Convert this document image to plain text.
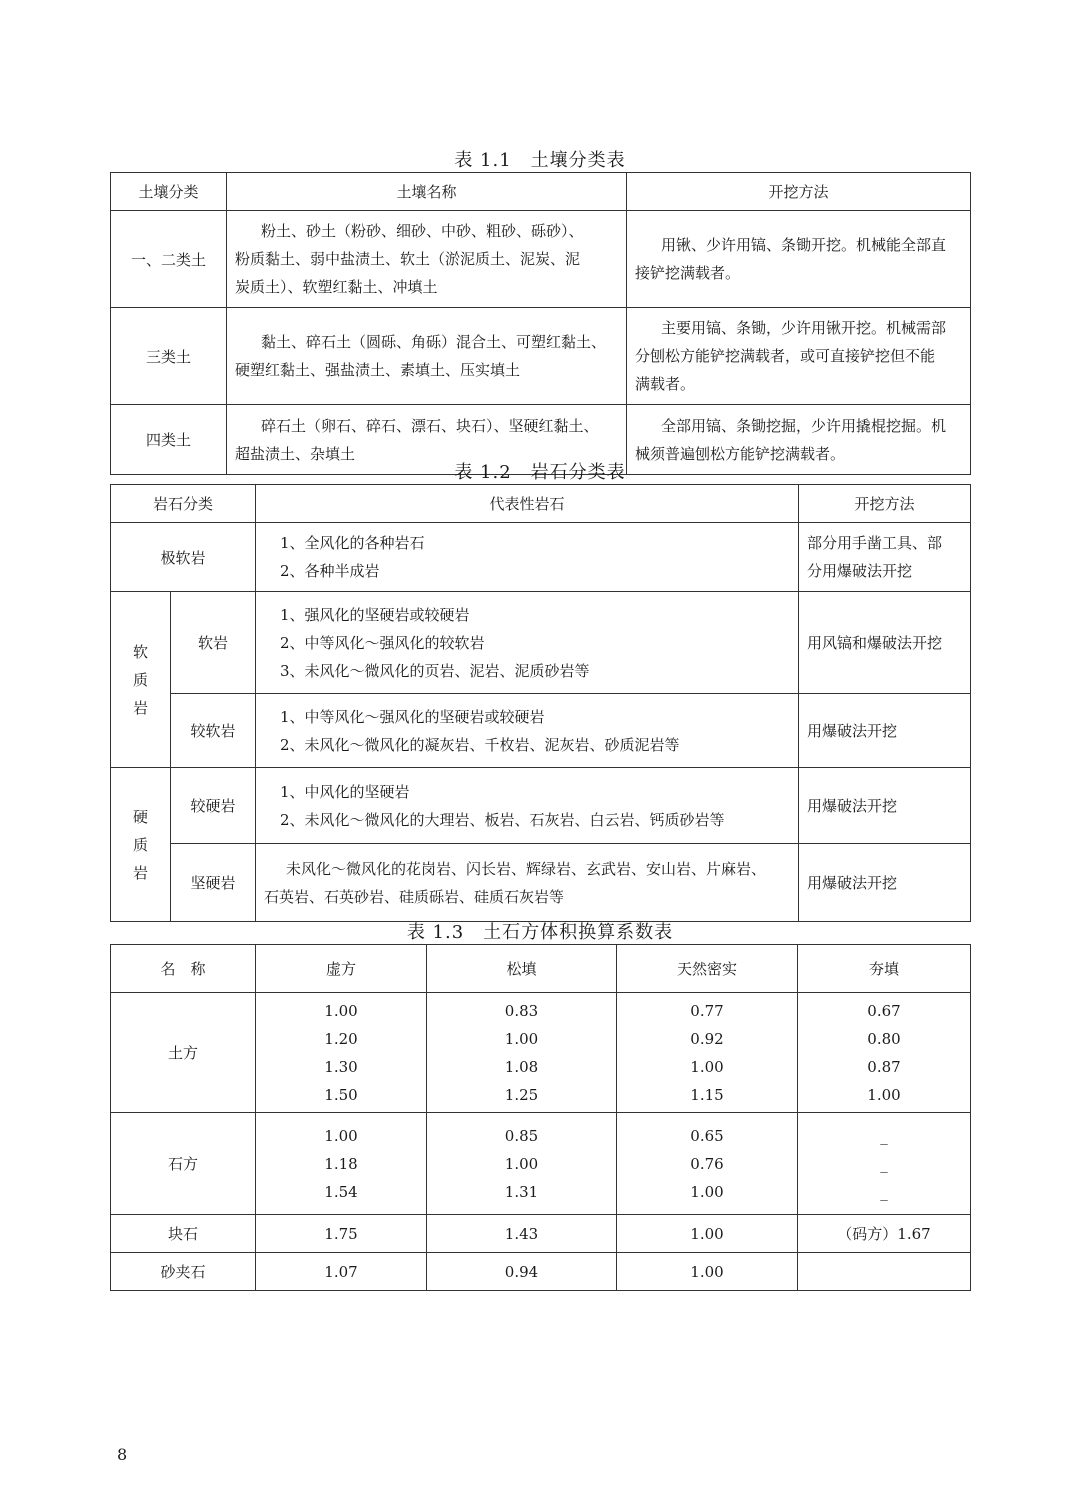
表 1.1　土壤分类表
土壤分类	土壤名称	开挖方法
一、二类土	粉土、砂土（粉砂、细砂、中砂、粗砂、砾砂）、
粉质黏土、弱中盐渍土、软土（淤泥质土、泥炭、泥
炭质土）、软塑红黏土、冲填土	用锹、少许用镐、条锄开挖。机械能全部直
接铲挖满载者。

三类土	黏土、碎石土（圆砾、角砾）混合土、可塑红黏土、
硬塑红黏土、强盐渍土、素填土、压实填土	主要用镐、条锄，少许用锹开挖。机械需部
分刨松方能铲挖满载者，或可直接铲挖但不能
满载者。

四类土	碎石土（卵石、碎石、漂石、块石）、坚硬红黏土、
超盐渍土、杂填土	全部用镐、条锄挖掘，少许用撬棍挖掘。机
械须普遍刨松方能铲挖满载者。
表 1.2　岩石分类表
岩石分类		代表性岩石	开挖方法
极软岩		1、全风化的各种岩石
2、各种半成岩	部分用手凿工具、部
分用爆破法开挖

软
质
岩	软岩	1、强风化的坚硬岩或较硬岩
2、中等风化～强风化的较软岩
3、未风化～微风化的页岩、泥岩、泥质砂岩等	用风镐和爆破法开挖
	较软岩	1、中等风化～强风化的坚硬岩或较硬岩
2、未风化～微风化的凝灰岩、千枚岩、泥灰岩、砂质泥岩等	用爆破法开挖

硬
质
岩	较硬岩	1、中风化的坚硬岩
2、未风化～微风化的大理岩、板岩、石灰岩、白云岩、钙质砂岩等	用爆破法开挖
	坚硬岩	未风化～微风化的花岗岩、闪长岩、辉绿岩、玄武岩、安山岩、片麻岩、
石英岩、石英砂岩、硅质砾岩、硅质石灰岩等	用爆破法开挖
表 1.3　土石方体积换算系数表
名　称	虚方	松填	天然密实	夯填
土方	1.00
1.20
1.30
1.50	0.83
1.00
1.08
1.25	0.77
0.92
1.00
1.15	0.67
0.80
0.87
1.00

石方	1.00
1.18
1.54	0.85
1.00
1.31	0.65
0.76
1.00	_
_
_

块石	1.75	1.43	1.00	（码方）1.67
砂夹石	1.07	0.94	1.00	
8
